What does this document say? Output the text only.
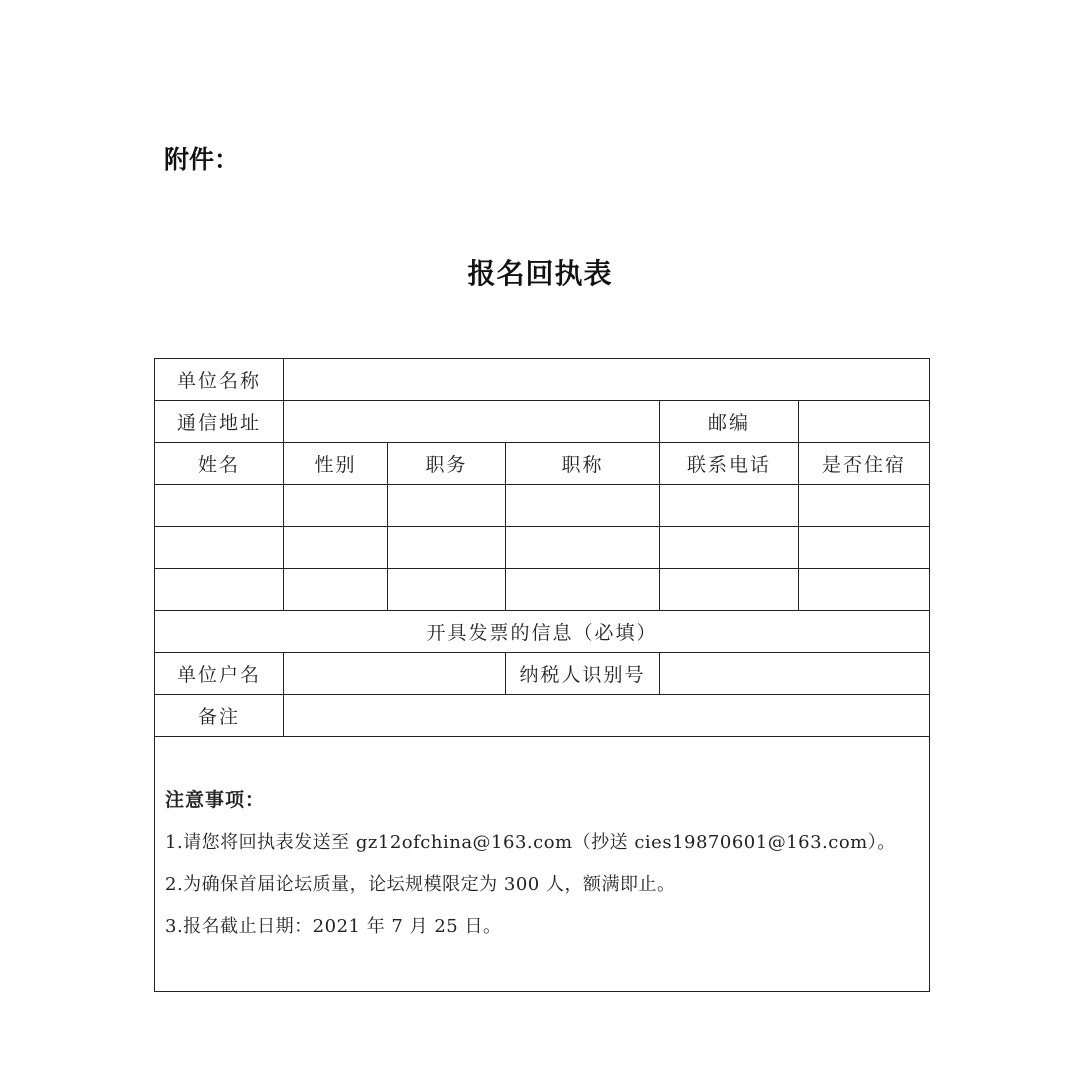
附件：
报名回执表
单位名称					
通信地址				邮编	
姓名	性别	职务	职称	联系电话	是否住宿

开具发票的信息（必填）					
单位户名			纳税人识别号		
备注					

注意事项：
1.请您将回执表发送至 gz12ofchina@163.com（抄送 cies19870601@163.com）。
2.为确保首届论坛质量，论坛规模限定为 300 人，额满即止。
3.报名截止日期：2021 年 7 月 25 日。					
